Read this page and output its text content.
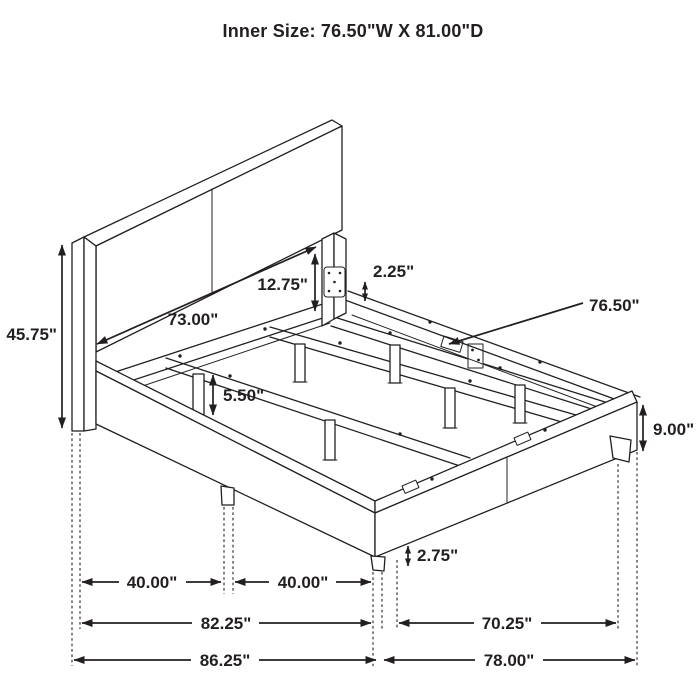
45.75"
73.00"
12.75"
2.25"
76.50"
5.50"
9.00"
2.75"
40.00"	40.00"
82.25"	70.25"
86.25"	78.00"
Inner Size: 76.50"W X 81.00"D
